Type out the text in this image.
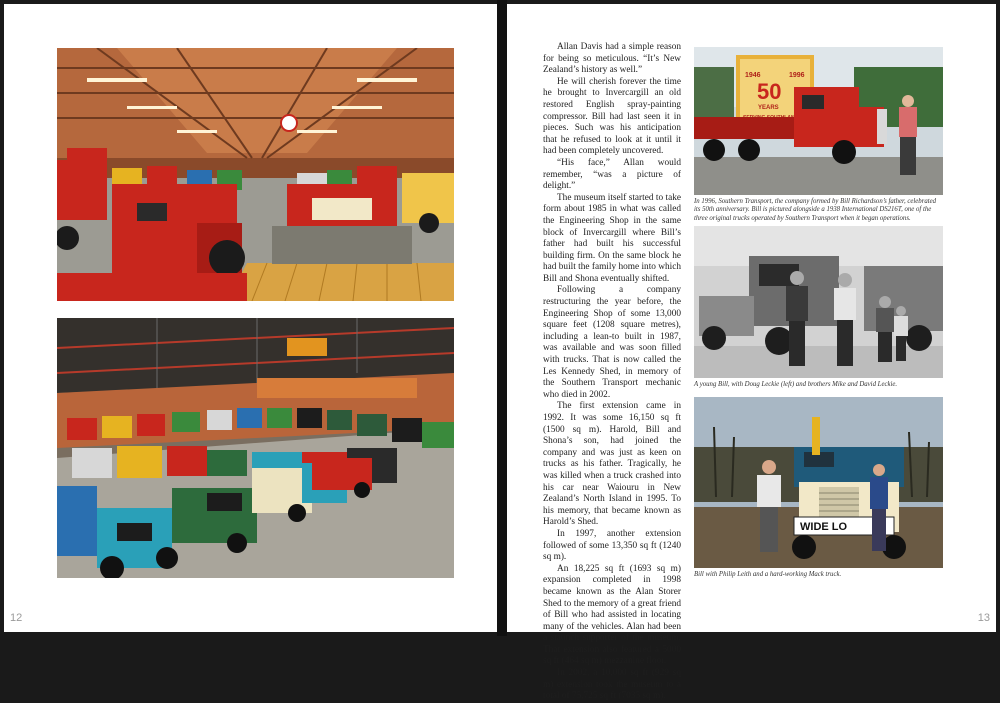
12

Allan Davis had a simple reason for being so meticulous. “It’s New Zealand’s history as well.”

He will cherish forever the time he brought to Invercargill an old restored English spray-painting compressor. Bill had last seen it in pieces. Such was his anticipation that he refused to look at it until it had been completely uncovered.

“His face,” Allan would remember, “was a picture of delight.”

The museum itself started to take form about 1985 in what was called the Engineering Shop in the same block of Invercargill where Bill’s father had built his successful building firm. On the same block he had built the family home into which Bill and Shona eventually shifted.

Following a company restructuring the year before, the Engineering Shop of some 13,000 square feet (1208 square metres), including a lean-to built in 1987, was available and was soon filled with trucks. That is now called the Les Kennedy Shed, in memory of the Southern Transport mechanic who died in 2002.

The first extension came in 1992. It was some 16,150 sq ft (1500 sq m). Harold, Bill and Shona’s son, had joined the company and was just as keen on trucks as his father. Tragically, he was killed when a truck crashed into his car near Waiouru in New Zealand’s North Island in 1995. To his memory, that became known as Harold’s Shed.

In 1997, another extension followed of some 13,350 sq ft (1240 sq m).

An 18,225 sq ft (1693 sq m) expansion completed in 1998 became known as the Alan Storer Shed to the memory of a great friend of Bill who had assisted in locating many of the vehicles. Alan had been a staunch supporter of the museum. That extension also featured a 5000 sq ft (464 sq m) mezzanine floor.

In 2002, a 10,000 sq ft (929 sq m) extension took the museum to a total of 75,725 sq ft (7035 sq m).

1946
50
1996
YEARS
In 1996, Southern Transport, the company formed by Bill Richardson’s father, celebrated its 50th anniversary. Bill is pictured alongside a 1938 International DS216T, one of the three original trucks operated by Southern Transport when it began operations.
A young Bill, with Doug Leckie (left) and brothers Mike and David Leckie.
WIDE LO
Bill with Philip Leith and a hard-working Mack truck.
13
